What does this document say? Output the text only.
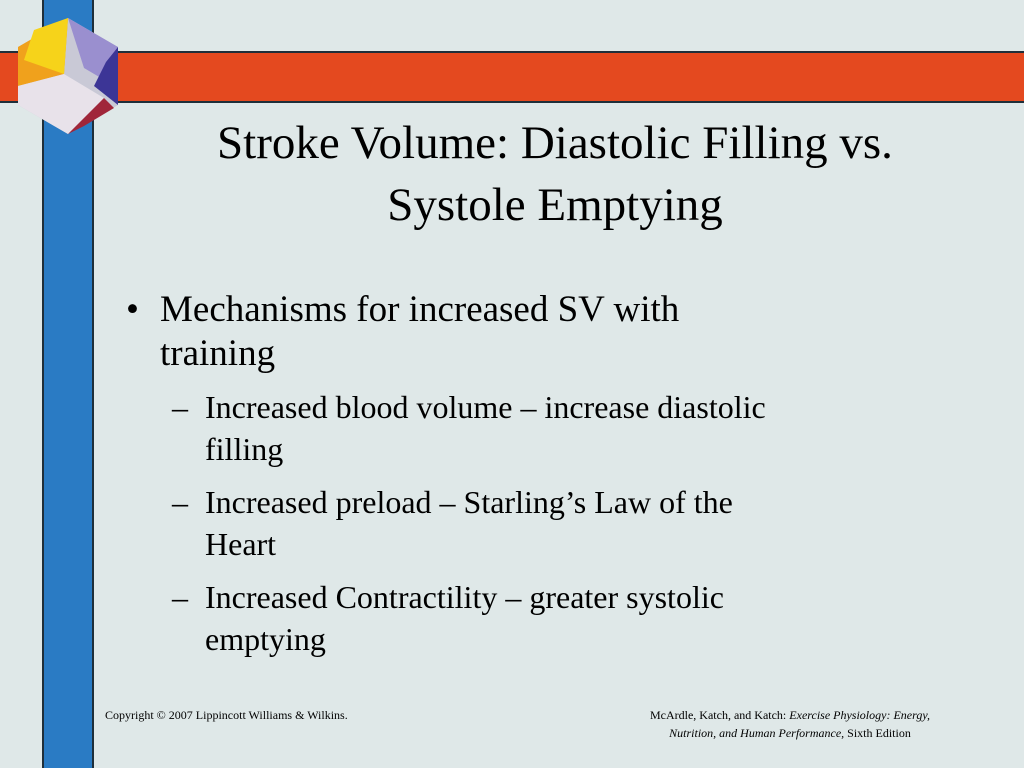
Stroke Volume: Diastolic Filling vs.
Systole Emptying
• Mechanisms for increased SV with
training
– Increased blood volume – increase diastolic
filling
– Increased preload – Starling’s Law of the
Heart
– Increased Contractility – greater systolic
emptying
Copyright © 2007 Lippincott Williams & Wilkins.	McArdle, Katch, and Katch: Exercise Physiology: Energy,
Nutrition, and Human Performance, Sixth Edition
